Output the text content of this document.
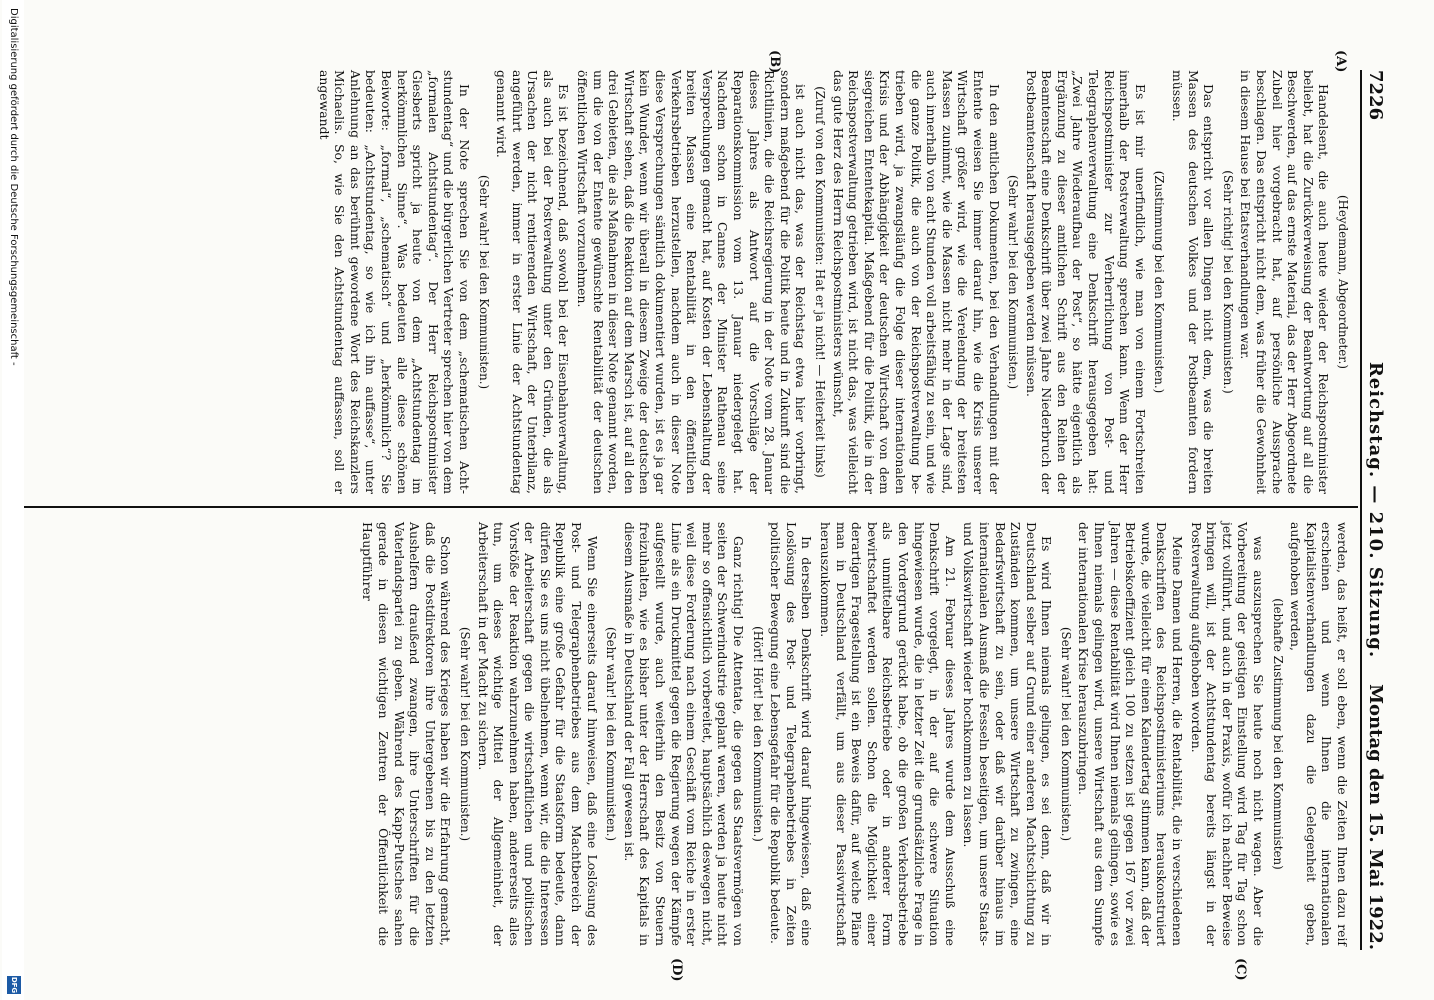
7226
Reichstag. — 210. Sitzung.
Montag den 15. Mai 1922.
(A)
(B)
(C)
(D)

(Heydemann, Abgeordneter.)

Handelsent, die auch heute wieder der Reichspostminister beliebt, hat die Zurückverweisung der Beantwortung auf all die Beschwerden, auf das ernste Material, das der Herr Abgeordnete Zubeil hier vorgebracht hat, auf persönliche Aussprache beschlagen. Das entspricht nicht dem, was früher die Gewohnheit in diesem Hause bei Etatsverhandlungen war.

(Sehr richtig! bei den Kommunisten.)

Das entspricht vor allen Dingen nicht dem, was die breiten Massen des deutschen Volkes und der Postbeamten fordern müssen.

(Zustimmung bei den Kommunisten.)

Es ist mir unerfindlich, wie man von einem Fortschreiten innerhalb der Postverwaltung sprechen kann. Wenn der Herr Reichspostminister zur Verherrlichung von Post- und Telegraphenverwaltung eine Denkschrift herausgegeben hat: „Zwei Jahre Wiederaufbau der Post“, so hätte eigentlich als Ergänzung zu dieser amtlichen Schrift aus den Reihen der Beamtenschaft eine Denkschrift über zwei Jahre Niederbruch der Postbeamtenschaft herausgegeben werden müssen.

(Sehr wahr! bei den Kommunisten.)

In den amtlichen Dokumenten, bei den Verhandlungen mit der Entente weisen Sie immer darauf hin, wie die Krisis unserer Wirtschaft größer wird, wie die Verelendung der breitesten Massen zunimmt, wie die Massen nicht mehr in der Lage sind, auch innerhalb von acht Stunden voll arbeitsfähig zu sein, und wie die ganze Politik, die auch von der Reichspostverwaltung betrieben wird, ja zwangsläufig die Folge dieser internationalen Krisis und der Abhängigkeit der deutschen Wirtschaft von dem siegreichen Ententekapital. Maßgebend für die Politik, die in der Reichspostverwaltung getrieben wird, ist nicht das, was vielleicht das gute Herz des Herrn Reichspostministers wünscht,

(Zuruf von den Kommunisten: Hat er ja nicht! — Heiterkeit links)

ist auch nicht das, was der Reichstag etwa hier vorbringt, sondern maßgebend für die Politik heute und in Zukunft sind die Richtlinien, die die Reichsregierung in der Note vom 28. Januar dieses Jahres als Antwort auf die Vorschläge der Reparationskommission vom 13. Januar niedergelegt hat. Nachdem schon in Cannes der Minister Rathenau seine Versprechungen gemacht hat, auf Kosten der Lebenshaltung der breiten Massen eine Rentabilität in den öffentlichen Verkehrsbetrieben herzustellen, nachdem auch in dieser Note diese Versprechungen sämtlich dokumentiert wurden, ist es ja gar kein Wunder, wenn wir überall in diesem Zweige der deutschen Wirtschaft sehen, daß die Reaktion auf dem Marsch ist, auf all den drei Gebieten, die als Maßnahmen in dieser Note genannt worden, um die von der Entente gewünschte Rentabilität der deutschen öffentlichen Wirtschaft vorzunehmen.

Es ist bezeichnend, daß sowohl bei der Eisenbahnverwaltung, als auch bei der Postverwaltung unter den Gründen, die als Ursachen der nicht rentierenden Wirtschaft, der Unterbilanz, angeführt werden, immer in erster Linie der Achtstundentag genannt wird.

(Sehr wahr! bei den Kommunisten.)

In der Note sprechen Sie von dem „schematischen Achtstundentag“ und die bürgerlichen Vertreter sprechen hier von dem „formalen Achtstundentag“. Der Herr Reichspostminister Giesberts spricht ja heute von dem „Achtstundentag im herkömmlichen Sinne“. Was bedeuten alle diese schönen Beiworte: „formal“, „schematisch“ und „herkömmlich“? Sie bedeuten: „Achtstundentag, so wie ich ihn auffasse“, unter Anlehnung an das berühmt gewordene Wort des Reichskanzlers Michaelis. So, wie Sie den Achtstundentag auffassen, soll er angewandt

werden, das heißt, er soll eben, wenn die Zeiten Ihnen dazu reif erscheinen und wenn Ihnen die internationalen Kapitalistenverhandlungen dazu die Gelegenheit geben, aufgehoben werden,

(lebhafte Zustimmung bei den Kommunisten)

was auszusprechen Sie heute noch nicht wagen. Aber die Vorbereitung der geistigen Einstellung wird Tag für Tag schon jetzt vollführt, und auch in der Praxis, wofür ich nachher Beweise bringen will, ist der Achtstundentag bereits längst in der Postverwaltung aufgehoben worden.

Meine Damen und Herren, die Rentabilität, die in verschiedenen Denkschriften des Reichspostministeriums herauskonstruiert wurde, die vielleicht für einen Kalendertag stimmen kann, daß der Betriebskoeffizient gleich 100 zu setzen ist gegen 167 vor zwei Jahren — diese Rentabilität wird Ihnen niemals gelingen, sowie es Ihnen niemals gelingen wird, unsere Wirtschaft aus dem Sumpfe der internationalen Krise herauszubringen.

(Sehr wahr! bei den Kommunisten.)

Es wird Ihnen niemals gelingen, es sei denn, daß wir in Deutschland selber auf Grund einer anderen Machtschichtung zu Zuständen kommen, um unsere Wirtschaft zu zwingen, eine Bedarfswirtschaft zu sein, oder daß wir darüber hinaus im internationalen Ausmaß die Fesseln beseitigen, um unsere Staats- und Volkswirtschaft wieder hochkommen zu lassen.

Am 21. Februar dieses Jahres wurde dem Ausschuß eine Denkschrift vorgelegt, in der auf die schwere Situation hingewiesen wurde, die in letzter Zeit die grundsätzliche Frage in den Vordergrund gerückt habe, ob die großen Verkehrsbetriebe als unmittelbare Reichsbetriebe oder in anderer Form bewirtschaftet werden sollen. Schon die Möglichkeit einer derartigen Fragestellung ist ein Beweis dafür, auf welche Pläne man in Deutschland verfällt, um aus dieser Passivwirtschaft herauszukommen.

In derselben Denkschrift wird darauf hingewiesen, daß eine Loslösung des Post- und Telegraphenbetriebes in Zeiten politischer Bewegung eine Lebensgefahr für die Republik bedeute.

(Hört! Hört! bei den Kommunisten.)

Ganz richtig! Die Attentate, die gegen das Staatsvermögen von seiten der Schwerindustrie geplant waren, werden ja heute nicht mehr so offensichtlich vorbereitet, hauptsächlich deswegen nicht, weil diese Forderung nach einem Geschäft vom Reiche in erster Linie als ein Druckmittel gegen die Regierung wegen der Kämpfe aufgestellt wurde, auch weiterhin den Besitz von Steuern freizuhalten, wie es bisher unter der Herrschaft des Kapitals in diesem Ausmaße in Deutschland der Fall gewesen ist.

(Sehr wahr! bei den Kommunisten.)

Wenn Sie einerseits darauf hinweisen, daß eine Loslösung des Post- und Telegraphenbetriebes aus dem Machtbereich der Republik eine große Gefahr für die Staatsform bedeute, dann dürfen Sie es uns nicht übelnehmen, wenn wir, die die Interessen der Arbeiterschaft gegen die wirtschaftlichen und politischen Vorstöße der Reaktion wahrzunehmen haben, andererseits alles tun, um dieses wichtige Mittel der Allgemeinheit, der Arbeiterschaft in der Macht zu sichern.

(Sehr wahr! bei den Kommunisten.)

Schon während des Krieges haben wir die Erfahrung gemacht, daß die Postdirektoren ihre Untergebenen bis zu den letzten Aushelfern draußend zwangen, ihre Unterschriften für die Vaterlandspartei zu geben. Während des Kapp-Putsches sahen gerade in diesen wichtigen Zentren der Öffentlichkeit die Hauptführer

Digitalisierung gefördert durch die Deutsche Forschungsgemeinschaft -
DFG
